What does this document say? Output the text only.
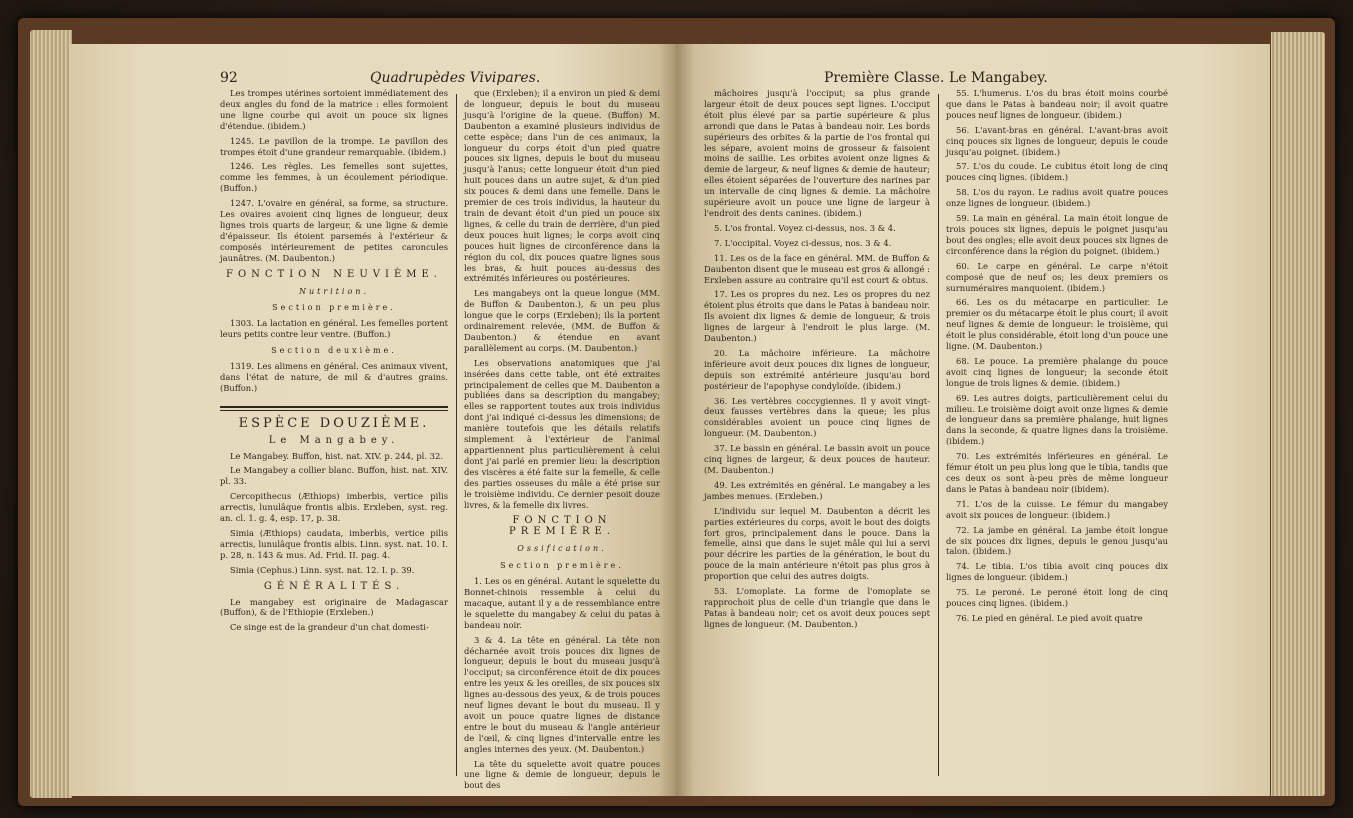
92	Quadrupèdes Vivipares.

Les trompes utérines sortoient immédiatement des deux angles du fond de la matrice : elles formoient une ligne courbe qui avoit un pouce six lignes d'étendue. (ibidem.)

1245. Le pavillon de la trompe. Le pavillon des trompes étoit d'une grandeur remarquable. (ibidem.)

1246. Les règles. Les femelles sont sujettes, comme les femmes, à un écoulement périodique. (Buffon.)

1247. L'ovaire en général, sa forme, sa structure. Les ovaires avoient cinq lignes de longueur, deux lignes trois quarts de largeur, & une ligne & demie d'épaisseur. Ils étoient parsemés à l'extérieur & composés intérieurement de petites caroncules jaunâtres. (M. Daubenton.)

FONCTION NEUVIÈME.

Nutrition.

Section première.

1303. La lactation en général. Les femelles portent leurs petits contre leur ventre. (Buffon.)

Section deuxième.

1319. Les alimens en général. Ces animaux vivent, dans l'état de nature, de mil & d'autres grains. (Buffon.)

ESPÈCE DOUZIÈME.

Le Mangabey.

Le Mangabey. Buffon, hist. nat. XIV. p. 244, pl. 32.

Le Mangabey a collier blanc. Buffon, hist. nat. XIV. pl. 33.

Cercopithecus (Æthiops) imberbis, vertice pilis arrectis, lunulâque frontis albis. Erxleben, syst. reg. an. cl. 1. g. 4, esp. 17, p. 38.

Simia (Æthiops) caudata, imberbis, vertice pilis arrectis, lunulâque frontis albis. Linn. syst. nat. 10. I. p. 28, n. 143 & mus. Ad. Frid. II. pag. 4.

Simia (Cephus.) Linn. syst. nat. 12. I. p. 39.

GÉNÉRALITÉS.

Le mangabey est originaire de Madagascar (Buffon), & de l'Ethiopie (Erxleben.)

Ce singe est de la grandeur d'un chat domesti-

que (Erxleben); il a environ un pied & demi de longueur, depuis le bout du museau jusqu'à l'origine de la queue. (Buffon) M. Daubenton a examiné plusieurs individus de cette espèce; dans l'un de ces animaux, la longueur du corps étoit d'un pied quatre pouces six lignes, depuis le bout du museau jusqu'à l'anus; cette longueur étoit d'un pied huit pouces dans un autre sujet, & d'un pied six pouces & demi dans une femelle. Dans le premier de ces trois individus, la hauteur du train de devant étoit d'un pied un pouce six lignes, & celle du train de derrière, d'un pied deux pouces huit lignes; le corps avoit cinq pouces huit lignes de circonférence dans la région du col, dix pouces quatre lignes sous les bras, & huit pouces au-dessus des extrémités inférieures ou postérieures.

Les mangabeys ont la queue longue (MM. de Buffon & Daubenton.), & un peu plus longue que le corps (Erxleben); ils la portent ordinairement relevée, (MM. de Buffon & Daubenton.) & étendue en avant parallèlement au corps. (M. Daubenton.)

Les observations anatomiques que j'ai insérées dans cette table, ont été extraites principalement de celles que M. Daubenton a publiées dans sa description du mangabey; elles se rapportent toutes aux trois individus dont j'ai indiqué ci-dessus les dimensions; de manière toutefois que les détails relatifs simplement à l'extérieur de l'animal appartiennent plus particulièrement à celui dont j'ai parlé en premier lieu: la description des viscères a été faite sur la femelle, & celle des parties osseuses du mâle a été prise sur le troisième individu. Ce dernier pesoit douze livres, & la femelle dix livres.

FONCTION PREMIÈRE.

Ossification.

Section première.

1. Les os en général. Autant le squelette du Bonnet-chinois ressemble à celui du macaque, autant il y a de ressemblance entre le squelette du mangabey & celui du patas à bandeau noir.

3 & 4. La tête en général. La tête non décharnée avoit trois pouces dix lignes de longueur, depuis le bout du museau jusqu'à l'occiput; sa circonférence étoit de dix pouces entre les yeux & les oreilles, de six pouces six lignes au-dessous des yeux, & de trois pouces neuf lignes devant le bout du museau. Il y avoit un pouce quatre lignes de distance entre le bout du museau & l'angle antérieur de l'œil, & cinq lignes d'intervalle entre les angles internes des yeux. (M. Daubenton.)

La tête du squelette avoit quatre pouces une ligne & demie de longueur, depuis le bout des

Première Classe. Le Mangabey.

mâchoires jusqu'à l'occiput; sa plus grande largeur étoit de deux pouces sept lignes. L'occiput étoit plus élevé par sa partie supérieure & plus arrondi que dans le Patas à bandeau noir. Les bords supérieurs des orbites & la partie de l'os frontal qui les sépare, avoient moins de grosseur & faisoient moins de saillie. Les orbites avoient onze lignes & demie de largeur, & neuf lignes & demie de hauteur; elles étoient séparées de l'ouverture des narines par un intervalle de cinq lignes & demie. La mâchoire supérieure avoit un pouce une ligne de largeur à l'endroit des dents canines. (ibidem.)

5. L'os frontal. Voyez ci-dessus, nos. 3 & 4.

7. L'occipital. Voyez ci-dessus, nos. 3 & 4.

11. Les os de la face en général. MM. de Buffon & Daubenton disent que le museau est gros & allongé : Erxleben assure au contraire qu'il est court & obtus.

17. Les os propres du nez. Les os propres du nez étoient plus étroits que dans le Patas à bandeau noir. Ils avoient dix lignes & demie de longueur, & trois lignes de largeur à l'endroit le plus large. (M. Daubenton.)

20. La mâchoire inférieure. La mâchoire inférieure avoit deux pouces dix lignes de longueur, depuis son extrémité antérieure jusqu'au bord postérieur de l'apophyse condyloïde. (ibidem.)

36. Les vertèbres coccygiennes. Il y avoit vingt-deux fausses vertèbres dans la queue; les plus considérables avoient un pouce cinq lignes de longueur. (M. Daubenton.)

37. Le bassin en général. Le bassin avoit un pouce cinq lignes de largeur, & deux pouces de hauteur. (M. Daubenton.)

49. Les extrémités en général. Le mangabey a les jambes menues. (Erxleben.)

L'individu sur lequel M. Daubenton a décrit les parties extérieures du corps, avoit le bout des doigts fort gros, principalement dans le pouce. Dans la femelle, ainsi que dans le sujet mâle qui lui a servi pour décrire les parties de la génération, le bout du pouce de la main antérieure n'étoit pas plus gros à proportion que celui des autres doigts.

53. L'omoplate. La forme de l'omoplate se rapprochoit plus de celle d'un triangle que dans le Patas à bandeau noir; cet os avoit deux pouces sept lignes de longueur. (M. Daubenton.)

55. L'humerus. L'os du bras étoit moins courbé que dans le Patas à bandeau noir; il avoit quatre pouces neuf lignes de longueur. (ibidem.)

56. L'avant-bras en général. L'avant-bras avoit cinq pouces six lignes de longueur, depuis le coude jusqu'au poignet. (ibidem.)

57. L'os du coude. Le cubitus étoit long de cinq pouces cinq lignes. (ibidem.)

58. L'os du rayon. Le radius avoit quatre pouces onze lignes de longueur. (ibidem.)

59. La main en général. La main étoit longue de trois pouces six lignes, depuis le poignet jusqu'au bout des ongles; elle avoit deux pouces six lignes de circonférence dans la région du poignet. (ibidem.)

60. Le carpe en général. Le carpe n'étoit composé que de neuf os; les deux premiers os surnuméraires manquoient. (ibidem.)

66. Les os du métacarpe en particulier. Le premier os du métacarpe étoit le plus court; il avoit neuf lignes & demie de longueur: le troisième, qui étoit le plus considérable, étoit long d'un pouce une ligne. (M. Daubenton.)

68. Le pouce. La première phalange du pouce avoit cinq lignes de longueur; la seconde étoit longue de trois lignes & demie. (ibidem.)

69. Les autres doigts, particulièrement celui du milieu. Le troisième doigt avoit onze lignes & demie de longueur dans sa première phalange, huit lignes dans la seconde, & quatre lignes dans la troisième. (ibidem.)

70. Les extrémités inférieures en général. Le fémur étoit un peu plus long que le tibia, tandis que ces deux os sont à-peu près de même longueur dans le Patas à bandeau noir (ibidem).

71. L'os de la cuisse. Le fémur du mangabey avoit six pouces de longueur. (ibidem.)

72. La jambe en général. La jambe étoit longue de six pouces dix lignes, depuis le genou jusqu'au talon. (ibidem.)

74. Le tibia. L'os tibia avoit cinq pouces dix lignes de longueur. (ibidem.)

75. Le peroné. Le peroné étoit long de cinq pouces cinq lignes. (ibidem.)

76. Le pied en général. Le pied avoit quatre
